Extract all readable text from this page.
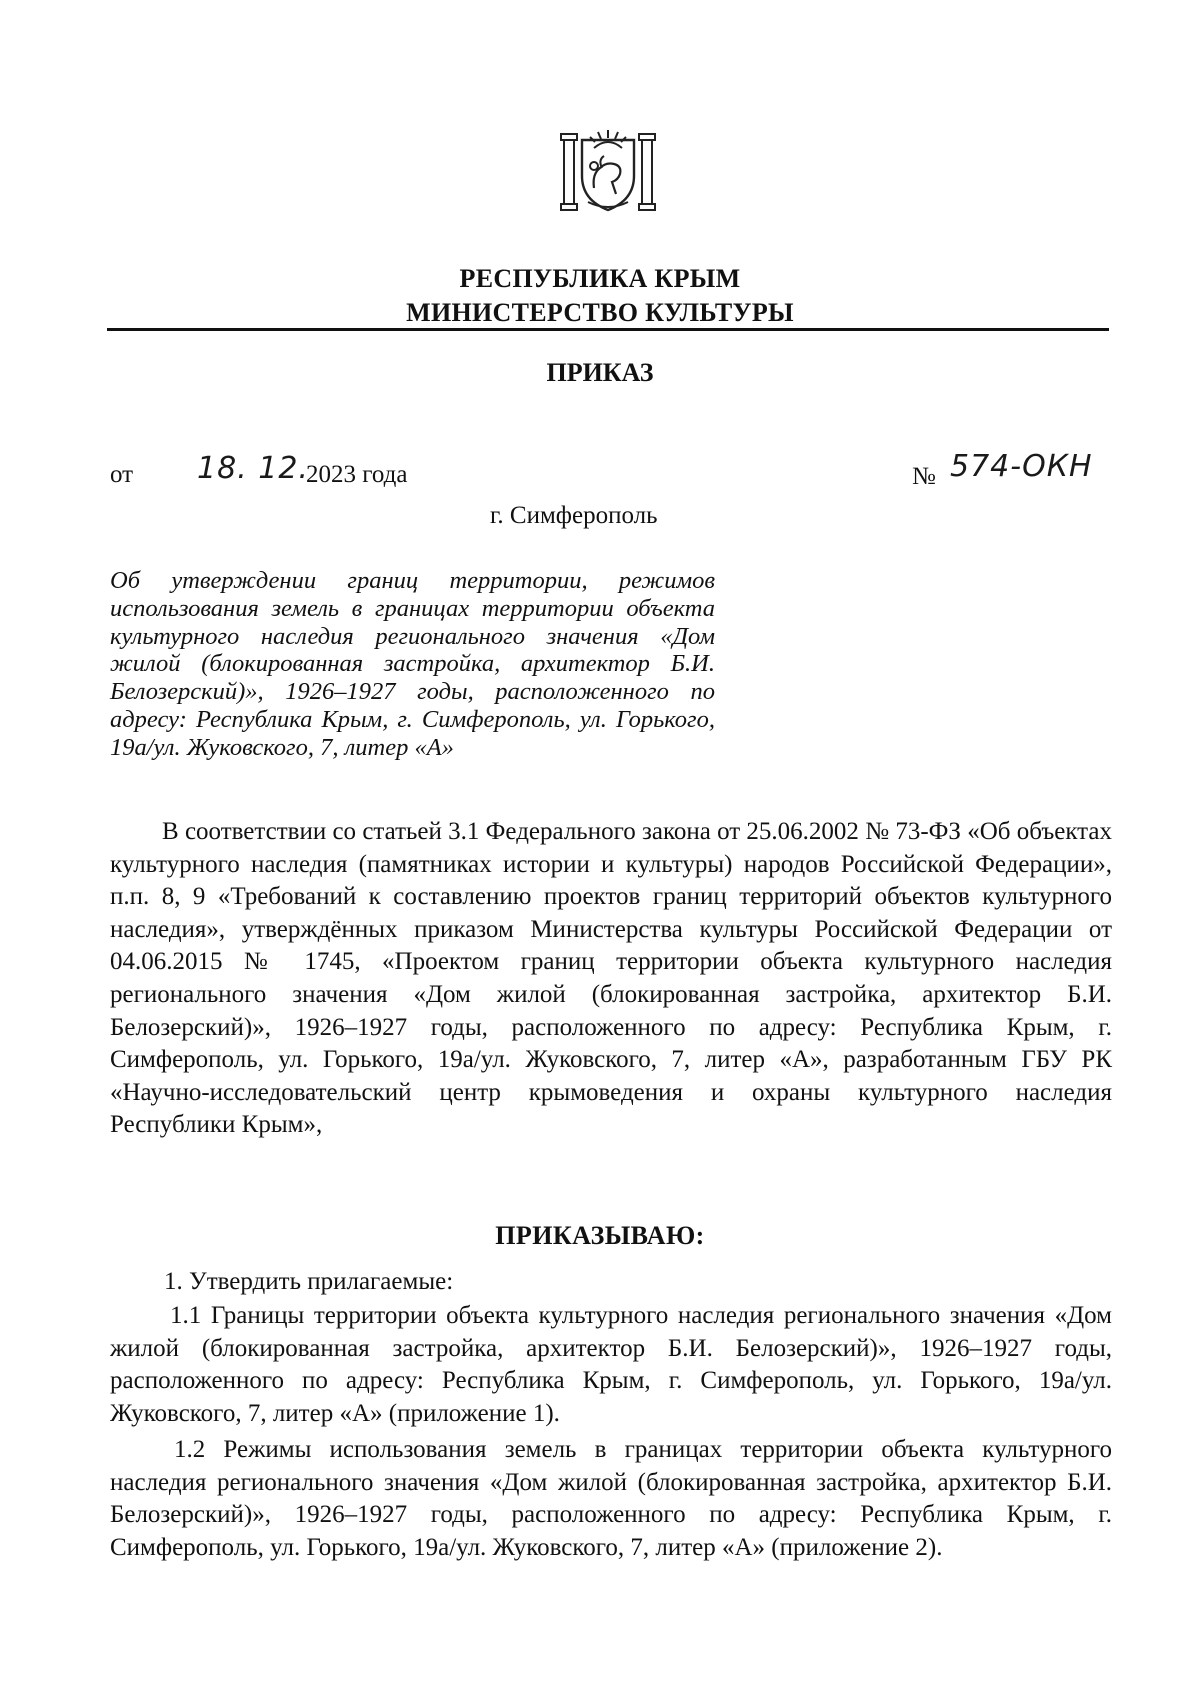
РЕСПУБЛИКА КРЫМ
МИНИСТЕРСТВО КУЛЬТУРЫ
ПРИКАЗ
от 18. 12.
2023 года	№ 574-ОКН
г. Симферополь
Об утверждении границ территории, режимов использования земель в границах территории объекта культурного наследия регионального значения «Дом жилой (блокированная застройка, архитектор Б.И. Белозерский)», 1926–1927 годы, расположенного по адресу: Республика Крым, г. Симферополь, ул. Горького, 19а/ул. Жуковского, 7, литер «А»
В соответствии со статьей 3.1 Федерального закона от 25.06.2002 № 73-ФЗ «Об объектах культурного наследия (памятниках истории и культуры) народов Российской Федерации», п.п. 8, 9 «Требований к составлению проектов границ территорий объектов культурного наследия», утверждённых приказом Министерства культуры Российской Федерации от 04.06.2015 № 1745, «Проектом границ территории объекта культурного наследия регионального значения «Дом жилой (блокированная застройка, архитектор Б.И. Белозерский)», 1926–1927 годы, расположенного по адресу: Республика Крым, г. Симферополь, ул. Горького, 19а/ул. Жуковского, 7, литер «А», разработанным ГБУ РК «Научно-исследовательский центр крымоведения и охраны культурного наследия Республики Крым»,
ПРИКАЗЫВАЮ:
1. Утвердить прилагаемые:
1.1 Границы территории объекта культурного наследия регионального значения «Дом жилой (блокированная застройка, архитектор Б.И. Белозерский)», 1926–1927 годы, расположенного по адресу: Республика Крым, г. Симферополь, ул. Горького, 19а/ул. Жуковского, 7, литер «А» (приложение 1).
1.2 Режимы использования земель в границах территории объекта культурного наследия регионального значения «Дом жилой (блокированная застройка, архитектор Б.И. Белозерский)», 1926–1927 годы, расположенного по адресу: Республика Крым, г. Симферополь, ул. Горького, 19а/ул. Жуковского, 7, литер «А» (приложение 2).
